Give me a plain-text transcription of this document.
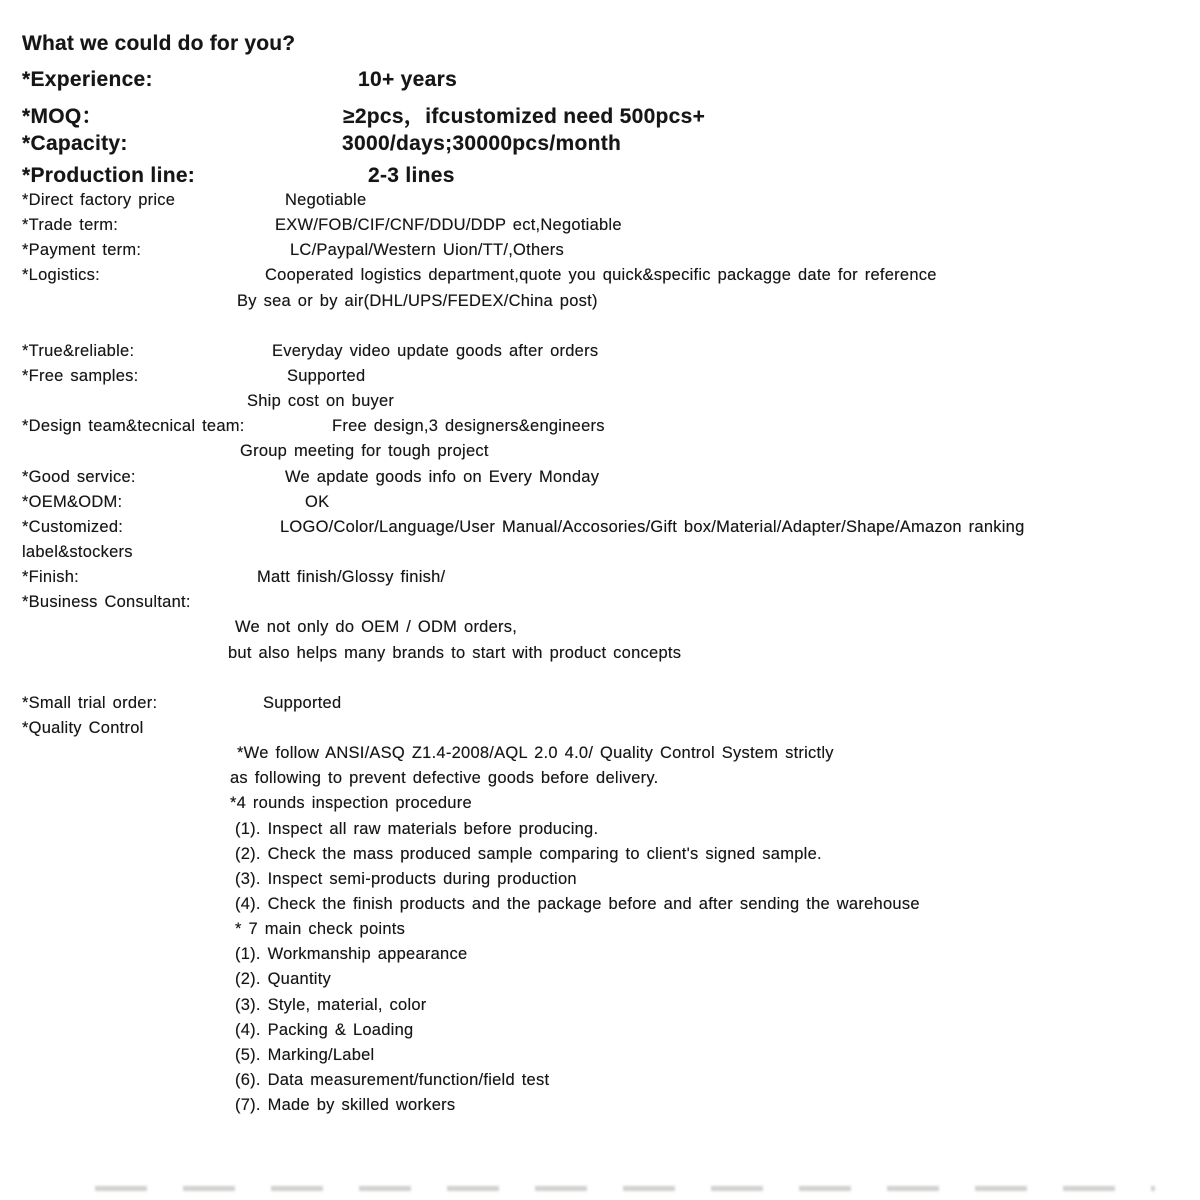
What we could do for you?
*Experience:	10+ years
*MOQ：	≥2pcs，ifcustomized need 500pcs+
*Capacity:	3000/days;30000pcs/month
*Production line:	2-3 lines
*Direct factory price	Negotiable
*Trade term:	EXW/FOB/CIF/CNF/DDU/DDP ect,Negotiable
*Payment term:	LC/Paypal/Western Uion/TT/,Others
*Logistics:	Cooperated logistics department,quote you quick&specific packagge date for reference
By sea or by air(DHL/UPS/FEDEX/China post)
*True&reliable:	Everyday video update goods after orders
*Free samples:	Supported
Ship cost on buyer
*Design team&tecnical team:	Free design,3 designers&engineers
Group meeting for tough project
*Good service:	We apdate goods info on Every Monday
*OEM&ODM:	OK
*Customized:	LOGO/Color/Language/User Manual/Accosories/Gift box/Material/Adapter/Shape/Amazon ranking
label&stockers
*Finish:	Matt finish/Glossy finish/
*Business Consultant:
We not only do OEM / ODM orders,
but also helps many brands to start with product concepts
*Small trial order:	Supported
*Quality Control
*We follow ANSI/ASQ Z1.4-2008/AQL 2.0 4.0/ Quality Control System strictly
as following to prevent defective goods before delivery.
*4 rounds inspection procedure
(1). Inspect all raw materials before producing.
(2). Check the mass produced sample comparing to client's signed sample.
(3). Inspect semi-products during production
(4). Check the finish products and the package before and after sending the warehouse
* 7 main check points
(1). Workmanship appearance
(2). Quantity
(3). Style, material, color
(4). Packing & Loading
(5). Marking/Label
(6). Data measurement/function/field test
(7). Made by skilled workers
